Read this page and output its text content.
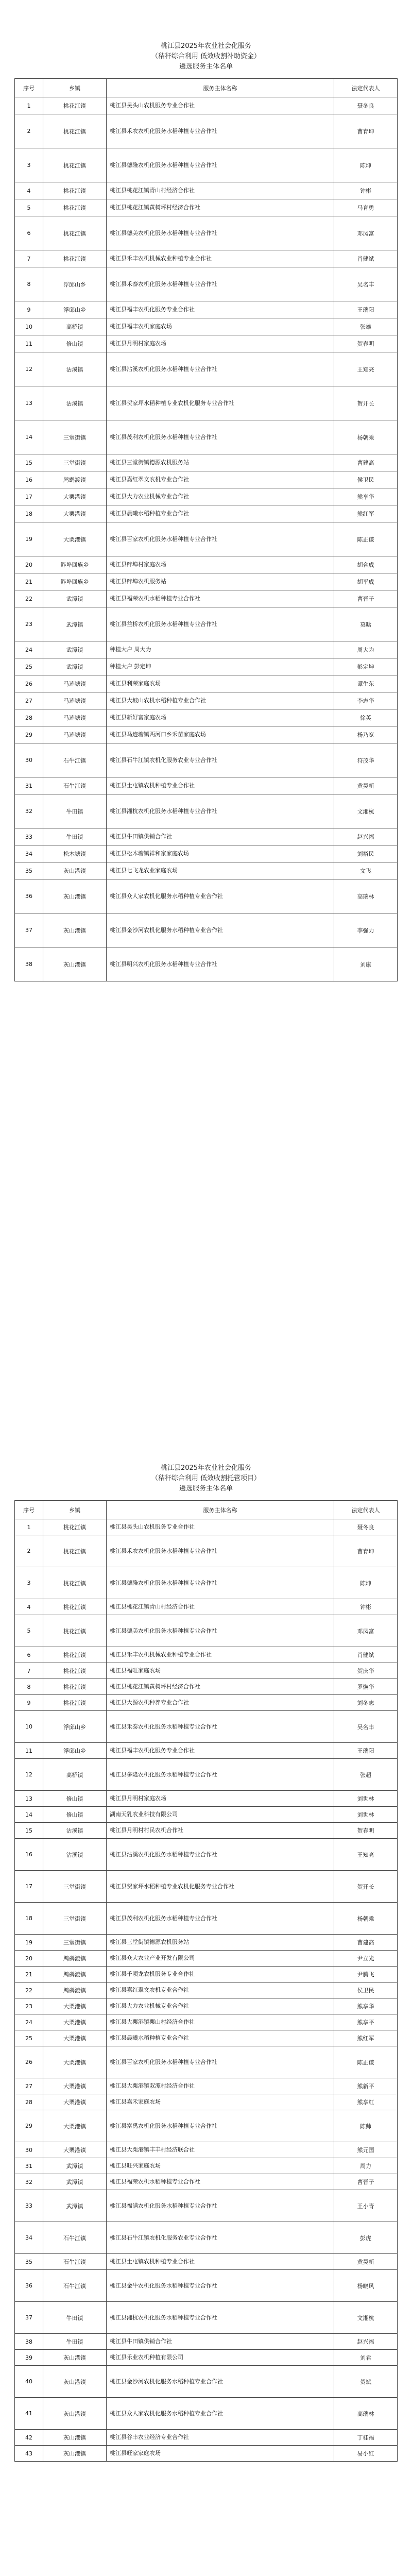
桃江县2025年农业社会化服务
（秸秆综合利用 低效收割补助资金）
遴选服务主体名单
序号	乡镇	服务主体名称	法定代表人
1	桃花江镇	桃江县昊头山农机服务专业合作社	聂冬良
2	桃花江镇	桃江县禾农农机化服务水稻种植专业合作社	曹育坤
3	桃花江镇	桃江县德隆农机化服务水稻种植专业合作社	陈坤
4	桃花江镇	桃江县桃花江镇青山村经济合作社	钟彬
5	桃花江镇	桃江县桃花江镇黄树坪村经济合作社	马育勇
6	桃花江镇	桃江县德美农机化服务水稻种植专业合作社	邓凤富
7	桃花江镇	桃江县禾丰农机机械农业种植专业合作社	肖健斌
8	浮邱山乡	桃江县禾泰农机化服务水稻种植专业合作社	吴名丰
9	浮邱山乡	桃江县福丰农机化服务专业合作社	王瑞阳
10	高桥镇	桃江县福丰农机家庭农场	张雄
11	修山镇	桃江县月明村家庭农场	贺春明
12	沾溪镇	桃江县沾溪农机化服务水稻种植专业合作社	王知亮
13	沾溪镇	桃江县贺家坪水稻种植专业农机化服务专业合作社	贺开长
14	三堂街镇	桃江县茂利农机化服务水稻种植专业合作社	杨朝乘
15	三堂街镇	桃江县三堂街镇德源农机服务站	曹建高
16	鸬鹚渡镇	桃江县嘉红翠文农机专业合作社	侯卫民
17	大栗港镇	桃江县大力农业机械专业合作社	熊享华
18	大栗港镇	桃江县晨曦水稻种植专业合作社	熊红军
19	大栗港镇	桃江县百家农机化服务水稻种植专业合作社	陈正谦
20	鲊埠回族乡	桃江县鲊埠村家庭农场	胡合成
21	鲊埠回族乡	桃江县鲊埠农机服务站	胡平成
22	武潭镇	桃江县福荣农机水稻种植专业合作社	曹晋子
23	武潭镇	桃江县益桥农机化服务水稻种植专业合作社	莫晗
24	武潭镇	种植大户 周大为	周大为
25	武潭镇	种植大户 彭定坤	彭定坤
26	马迹塘镇	桃江县利荣家庭农场	谭生东
27	马迹塘镇	桃江县大坡山农机水稻种植专业合作社	李志华
28	马迹塘镇	桃江县新好富家庭农场	徐英
29	马迹塘镇	桃江县马迹塘镇两河口乡禾苗家庭农场	杨乃宽
30	石牛江镇	桃江县石牛江镇农机化服务农业专业合作社	符茂华
31	石牛江镇	桃江县土屯镇农机种植专业合作社	黄昊新
32	牛田镇	桃江县湘杭农机化服务水稻种植专业合作社	文湘杭
33	牛田镇	桃江县牛田镇供销合作社	赵兴福
34	松木塘镇	桃江县松木塘镇祥和家家庭农场	刘裕民
35	灰山港镇	桃江县七飞龙农业家庭农场	文飞
36	灰山港镇	桃江县众人家农机化服务水稻种植专业合作社	高瑞林
37	灰山港镇	桃江县金沙河农机化服务水稻种植专业合作社	李强力
38	灰山港镇	桃江县明兴农机化服务水稻种植专业合作社	刘康
桃江县2025年农业社会化服务
（秸秆综合利用 低效收割托管项目）
遴选服务主体名单
序号	乡镇	服务主体名称	法定代表人
1	桃花江镇	桃江县昊头山农机服务专业合作社	聂冬良
2	桃花江镇	桃江县禾农农机化服务水稻种植专业合作社	曹育坤
3	桃花江镇	桃江县德隆农机化服务水稻种植专业合作社	陈坤
4	桃花江镇	桃江县桃花江镇青山村经济合作社	钟彬
5	桃花江镇	桃江县德美农机化服务水稻种植专业合作社	邓凤富
6	桃花江镇	桃江县禾丰农机机械农业种植专业合作社	肖健斌
7	桃花江镇	桃江县福旺家庭农场	贺庆华
8	桃花江镇	桃江县桃花江镇黄树坪村经济合作社	罗焕华
9	桃花江镇	桃江县大源农机种养专业合作社	刘冬志
10	浮邱山乡	桃江县禾泰农机化服务水稻种植专业合作社	吴名丰
11	浮邱山乡	桃江县福丰农机化服务专业合作社	王瑞阳
12	高桥镇	桃江县多隆农机化服务水稻种植专业合作社	张超
13	修山镇	桃江县月明村家庭农场	刘世林
14	修山镇	湖南天乳农业科技有限公司	刘世林
15	沾溪镇	桃江县月明村村民农机合作社	贺春明
16	沾溪镇	桃江县沾溪农机化服务水稻种植专业合作社	王知亮
17	三堂街镇	桃江县贺家坪水稻种植专业农机化服务专业合作社	贺开长
18	三堂街镇	桃江县茂利农机化服务水稻种植专业合作社	杨朝乘
19	三堂街镇	桃江县三堂街镇德源农机服务站	曹建高
20	鸬鹚渡镇	桃江县众大农业产业开发有限公司	尹立光
21	鸬鹚渡镇	桃江县千顷龙农机服务专业合作社	尹腾飞
22	鸬鹚渡镇	桃江县嘉红翠文农机专业合作社	侯卫民
23	大栗港镇	桃江县大力农业机械专业合作社	熊享华
24	大栗港镇	桃江县大栗港镇栗山村经济合作社	熊享平
25	大栗港镇	桃江县晨曦水稻种植专业合作社	熊红军
26	大栗港镇	桃江县百家农机化服务水稻种植专业合作社	陈正谦
27	大栗港镇	桃江县大栗港镇双潭村经济合作社	熊新平
28	大栗港镇	桃江县嘉禾家庭农场	熊享红
29	大栗港镇	桃江县富禹农机化服务水稻种植专业合作社	陈帅
30	大栗港镇	桃江县大栗港镇丰丰村经济联合社	熊元国
31	武潭镇	桃江县旺兴家庭农场	周力
32	武潭镇	桃江县福荣农机水稻种植专业合作社	曹晋子
33	武潭镇	桃江县福满农机化服务水稻种植专业合作社	王小青
34	石牛江镇	桃江县石牛江镇农机化服务农业专业合作社	彭虎
35	石牛江镇	桃江县土屯镇农机种植专业合作社	黄昊新
36	石牛江镇	桃江县金牛农机化服务水稻种植专业合作社	杨晓风
37	牛田镇	桃江县湘杭农机化服务水稻种植专业合作社	文湘杭
38	牛田镇	桃江县牛田镇供销合作社	赵兴福
39	灰山港镇	桃江县乐业农机种植有限公司	刘君
40	灰山港镇	桃江县金沙河农机化服务水稻种植专业合作社	贺斌
41	灰山港镇	桃江县众人家农机化服务水稻种植专业合作社	高瑞林
42	灰山港镇	桃江县谷丰农业经济专业合作社	丁桂福
43	灰山港镇	桃江县旺家家庭农场	易小红
